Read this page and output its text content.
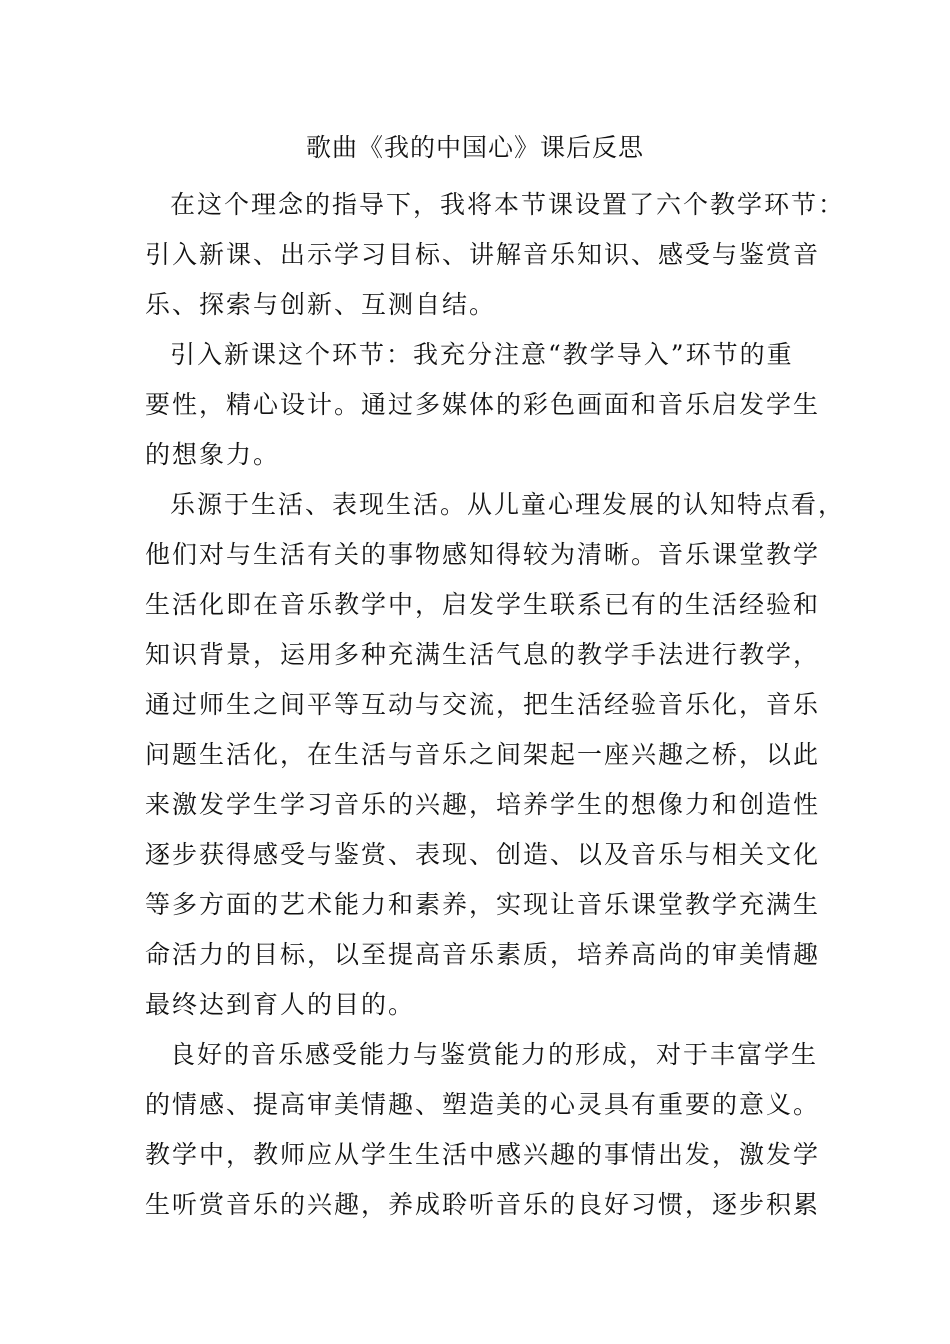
歌曲《我的中国心》课后反思
在这个理念的指导下，我将本节课设置了六个教学环节：
引入新课、出示学习目标、讲解音乐知识、感受与鉴赏音
乐、探索与创新、互测自结。
引入新课这个环节：我充分注意“教学导入”环节的重
要性，精心设计。通过多媒体的彩色画面和音乐启发学生
的想象力。
乐源于生活、表现生活。从儿童心理发展的认知特点看，
他们对与生活有关的事物感知得较为清晰。音乐课堂教学
生活化即在音乐教学中，启发学生联系已有的生活经验和
知识背景，运用多种充满生活气息的教学手法进行教学，
通过师生之间平等互动与交流，把生活经验音乐化，音乐
问题生活化，在生活与音乐之间架起一座兴趣之桥，以此
来激发学生学习音乐的兴趣，培养学生的想像力和创造性
逐步获得感受与鉴赏、表现、创造、以及音乐与相关文化
等多方面的艺术能力和素养，实现让音乐课堂教学充满生
命活力的目标，以至提高音乐素质，培养高尚的审美情趣
最终达到育人的目的。
良好的音乐感受能力与鉴赏能力的形成，对于丰富学生
的情感、提高审美情趣、塑造美的心灵具有重要的意义。
教学中，教师应从学生生活中感兴趣的事情出发，激发学
生听赏音乐的兴趣，养成聆听音乐的良好习惯，逐步积累
